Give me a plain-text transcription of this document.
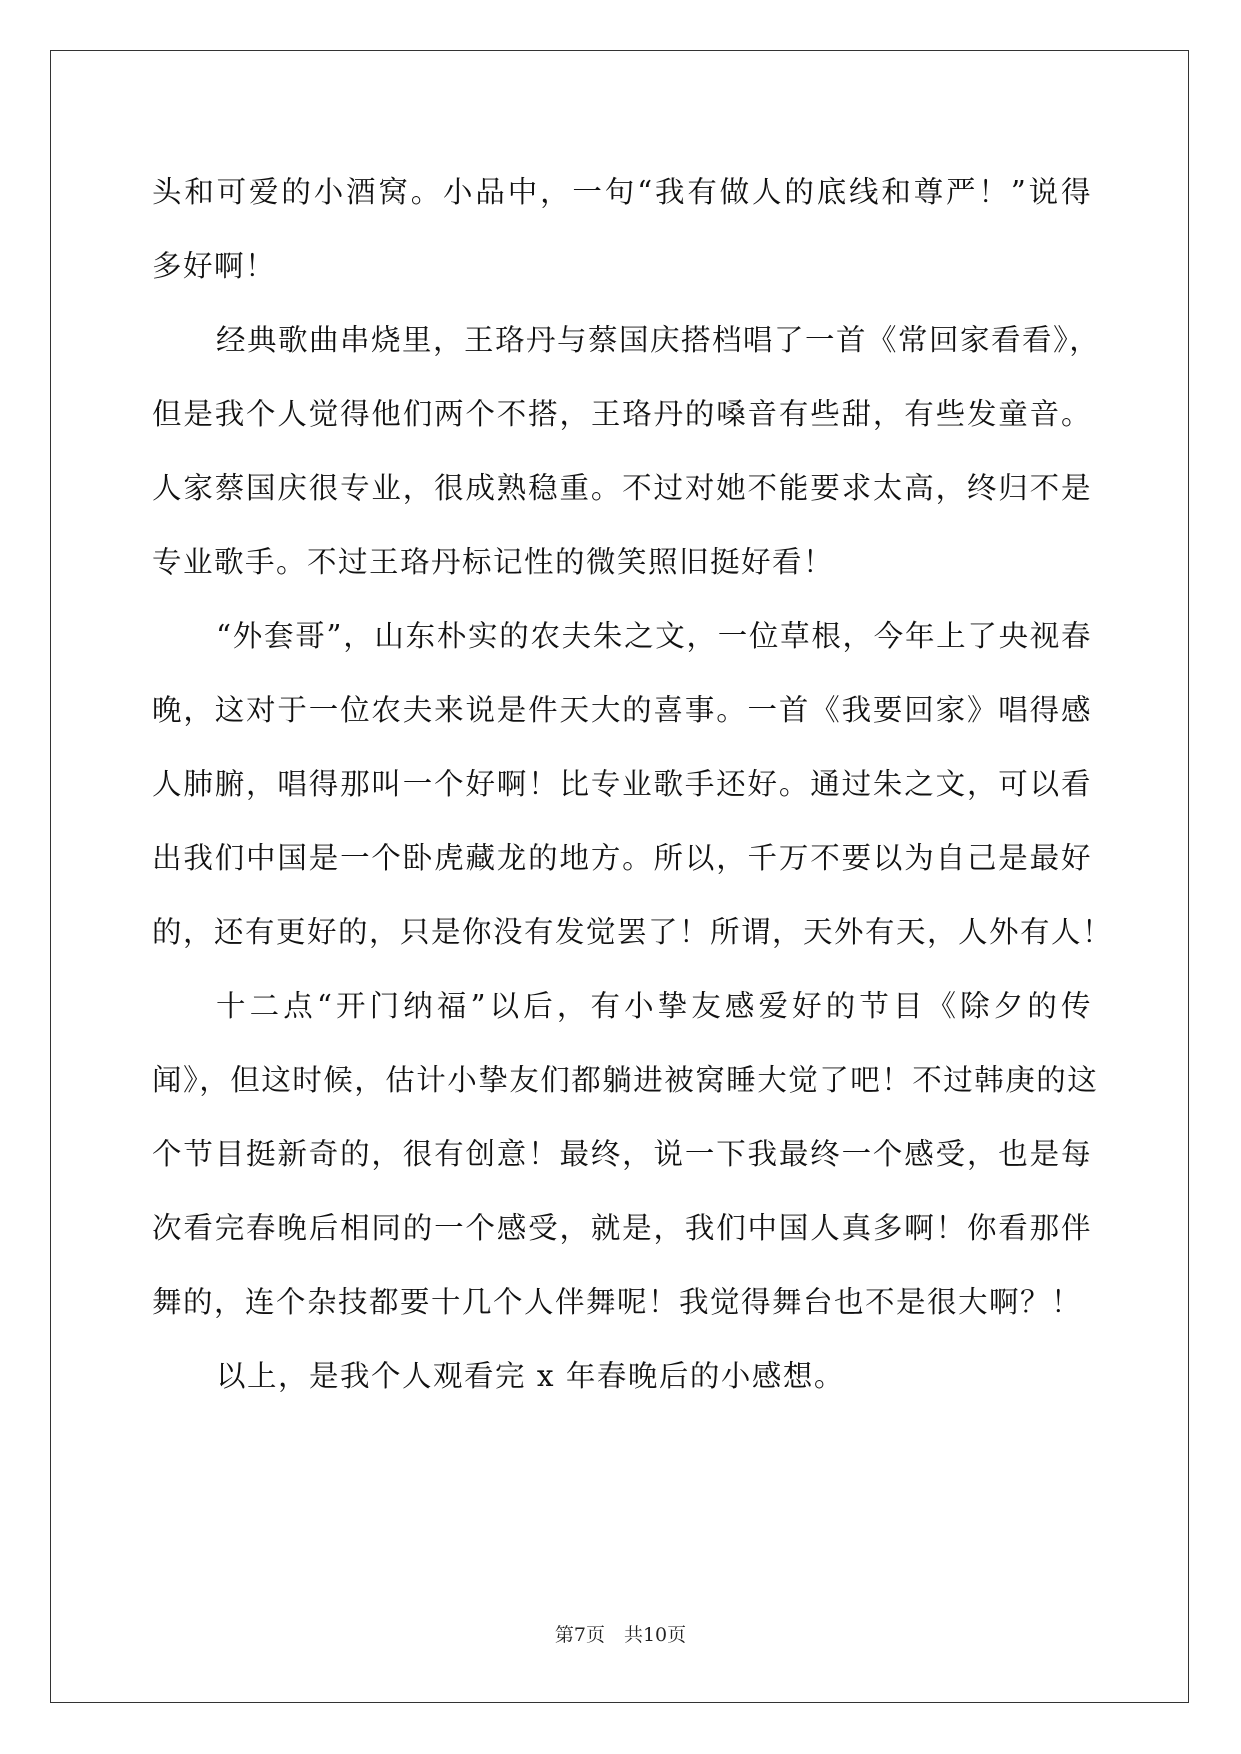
头和可爱的小酒窝。小品中，一句“我有做人的底线和尊严！”说得
多好啊！
经典歌曲串烧里，王珞丹与蔡国庆搭档唱了一首《常回家看看》，
但是我个人觉得他们两个不搭，王珞丹的嗓音有些甜，有些发童音。
人家蔡国庆很专业，很成熟稳重。不过对她不能要求太高，终归不是
专业歌手。不过王珞丹标记性的微笑照旧挺好看！
“外套哥”，山东朴实的农夫朱之文，一位草根，今年上了央视春
晚，这对于一位农夫来说是件天大的喜事。一首《我要回家》唱得感
人肺腑，唱得那叫一个好啊！比专业歌手还好。通过朱之文，可以看
出我们中国是一个卧虎藏龙的地方。所以，千万不要以为自己是最好
的，还有更好的，只是你没有发觉罢了！所谓，天外有天，人外有人！
十二点“开门纳福”以后，有小挚友感爱好的节目《除夕的传
闻》，但这时候，估计小挚友们都躺进被窝睡大觉了吧！不过韩庚的这
个节目挺新奇的，很有创意！最终，说一下我最终一个感受，也是每
次看完春晚后相同的一个感受，就是，我们中国人真多啊！你看那伴
舞的，连个杂技都要十几个人伴舞呢！我觉得舞台也不是很大啊？！
以上，是我个人观看完 x 年春晚后的小感想。
第7页　共10页
